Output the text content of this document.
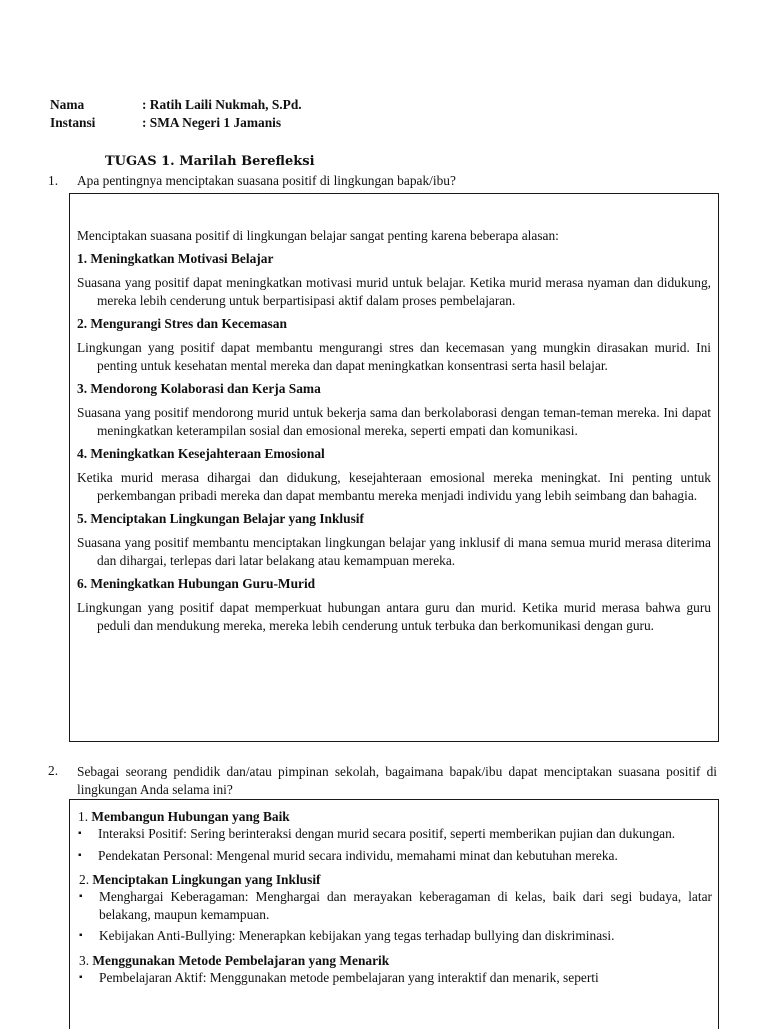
Nama	: Ratih Laili Nukmah, S.Pd.
Instansi	: SMA Negeri 1 Jamanis
TUGAS 1. Marilah Berefleksi
1. Apa pentingnya menciptakan suasana positif di lingkungan bapak/ibu?

Menciptakan suasana positif di lingkungan belajar sangat penting karena beberapa alasan:

1. Meningkatkan Motivasi Belajar

Suasana yang positif dapat meningkatkan motivasi murid untuk belajar. Ketika murid merasa nyaman dan didukung, mereka lebih cenderung untuk berpartisipasi aktif dalam proses pembelajaran.

2. Mengurangi Stres dan Kecemasan

Lingkungan yang positif dapat membantu mengurangi stres dan kecemasan yang mungkin dirasakan murid. Ini penting untuk kesehatan mental mereka dan dapat meningkatkan konsentrasi serta hasil belajar.

3. Mendorong Kolaborasi dan Kerja Sama

Suasana yang positif mendorong murid untuk bekerja sama dan berkolaborasi dengan teman-teman mereka. Ini dapat meningkatkan keterampilan sosial dan emosional mereka, seperti empati dan komunikasi.

4. Meningkatkan Kesejahteraan Emosional

Ketika murid merasa dihargai dan didukung, kesejahteraan emosional mereka meningkat. Ini penting untuk perkembangan pribadi mereka dan dapat membantu mereka menjadi individu yang lebih seimbang dan bahagia.

5. Menciptakan Lingkungan Belajar yang Inklusif

Suasana yang positif membantu menciptakan lingkungan belajar yang inklusif di mana semua murid merasa diterima dan dihargai, terlepas dari latar belakang atau kemampuan mereka.

6. Meningkatkan Hubungan Guru-Murid

Lingkungan yang positif dapat memperkuat hubungan antara guru dan murid. Ketika murid merasa bahwa guru peduli dan mendukung mereka, mereka lebih cenderung untuk terbuka dan berkomunikasi dengan guru.

2. Sebagai seorang pendidik dan/atau pimpinan sekolah, bagaimana bapak/ibu dapat menciptakan suasana positif di lingkungan Anda selama ini?

1. Membangun Hubungan yang Baik

▪	Interaksi Positif: Sering berinteraksi dengan murid secara positif, seperti memberikan pujian dan dukungan.
▪	Pendekatan Personal: Mengenal murid secara individu, memahami minat dan kebutuhan mereka.

2. Menciptakan Lingkungan yang Inklusif

▪	Menghargai Keberagaman: Menghargai dan merayakan keberagaman di kelas, baik dari segi budaya, latar belakang, maupun kemampuan.
▪	Kebijakan Anti-Bullying: Menerapkan kebijakan yang tegas terhadap bullying dan diskriminasi.

3. Menggunakan Metode Pembelajaran yang Menarik

▪	Pembelajaran Aktif: Menggunakan metode pembelajaran yang interaktif dan menarik, seperti
